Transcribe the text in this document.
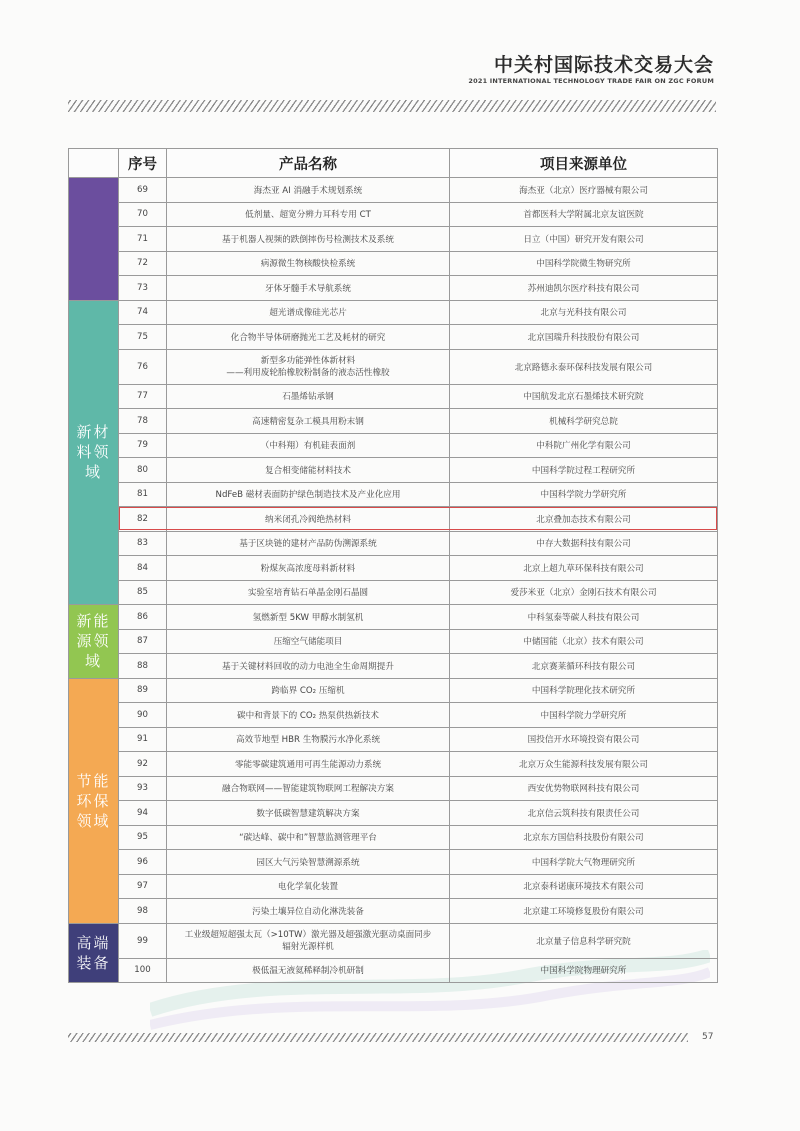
中关村国际技术交易大会
2021 INTERNATIONAL TECHNOLOGY TRADE FAIR ON ZGC FORUM
	序号	产品名称	项目来源单位
	69	海杰亚 AI 消融手术规划系统	海杰亚（北京）医疗器械有限公司
	70	低剂量、超宽分辨力耳科专用 CT	首都医科大学附属北京友谊医院
	71	基于机器人视频的跌倒摔伤号检测技术及系统	日立（中国）研究开发有限公司
	72	病源微生物核酸快检系统	中国科学院微生物研究所
	73	牙体牙髓手术导航系统	苏州迪凯尔医疗科技有限公司

新材
料领
域	74	超光谱成像硅光芯片	北京与光科技有限公司
	75	化合物半导体研磨抛光工艺及耗材的研究	北京国瑞升科技股份有限公司
	76	新型多功能弹性体新材料
——利用废轮胎橡胶粉制备的液态活性橡胶	北京路德永泰环保科技发展有限公司
	77	石墨烯钻承钢	中国航发北京石墨烯技术研究院
	78	高速精密复杂工模具用粉末钢	机械科学研究总院
	79	（中科翔）有机硅表面剂	中科院广州化学有限公司
	80	复合相变储能材料技术	中国科学院过程工程研究所
	81	NdFeB 磁材表面防护绿色制造技术及产业化应用	中国科学院力学研究所
	82	纳米闭孔冷阀绝热材料	北京叠加态技术有限公司
	83	基于区块链的建材产品防伪溯源系统	中存大数据科技有限公司
	84	粉煤灰高浓度母料新材料	北京上超九草环保科技有限公司
	85	实验室培育钻石单晶金刚石晶圆	爱莎米亚（北京）金刚石技术有限公司

新能
源领
域	86	氢燃新型 5KW 甲醇水制氢机	中科氢泰等碳人科技有限公司
	87	压缩空气储能项目	中储国能（北京）技术有限公司
	88	基于关键材料回收的动力电池全生命周期提升	北京赛莱循环科技有限公司

节能
环保
领域	89	跨临界 CO₂ 压缩机	中国科学院理化技术研究所
	90	碳中和背景下的 CO₂ 热泵供热新技术	中国科学院力学研究所
	91	高效节地型 HBR 生物膜污水净化系统	国投信开水环境投资有限公司
	92	零能零碳建筑通用可再生能源动力系统	北京万众生能源科技发展有限公司
	93	融合物联网——智能建筑物联网工程解决方案	西安优势物联网科技有限公司
	94	数字低碳智慧建筑解决方案	北京信云筑科技有限责任公司
	95	“碳达峰、碳中和”智慧监测管理平台	北京东方国信科技股份有限公司
	96	园区大气污染智慧溯源系统	中国科学院大气物理研究所
	97	电化学氧化装置	北京泰科诺康环境技术有限公司
	98	污染土壤异位自动化淋洗装备	北京建工环境修复股份有限公司

高端
装备	99	工业级超短超强太瓦（>10TW）激光器及超强激光驱动桌面同步
辐射光源样机	北京量子信息科学研究院
	100	极低温无液氦稀释制冷机研制	中国科学院物理研究所
57
